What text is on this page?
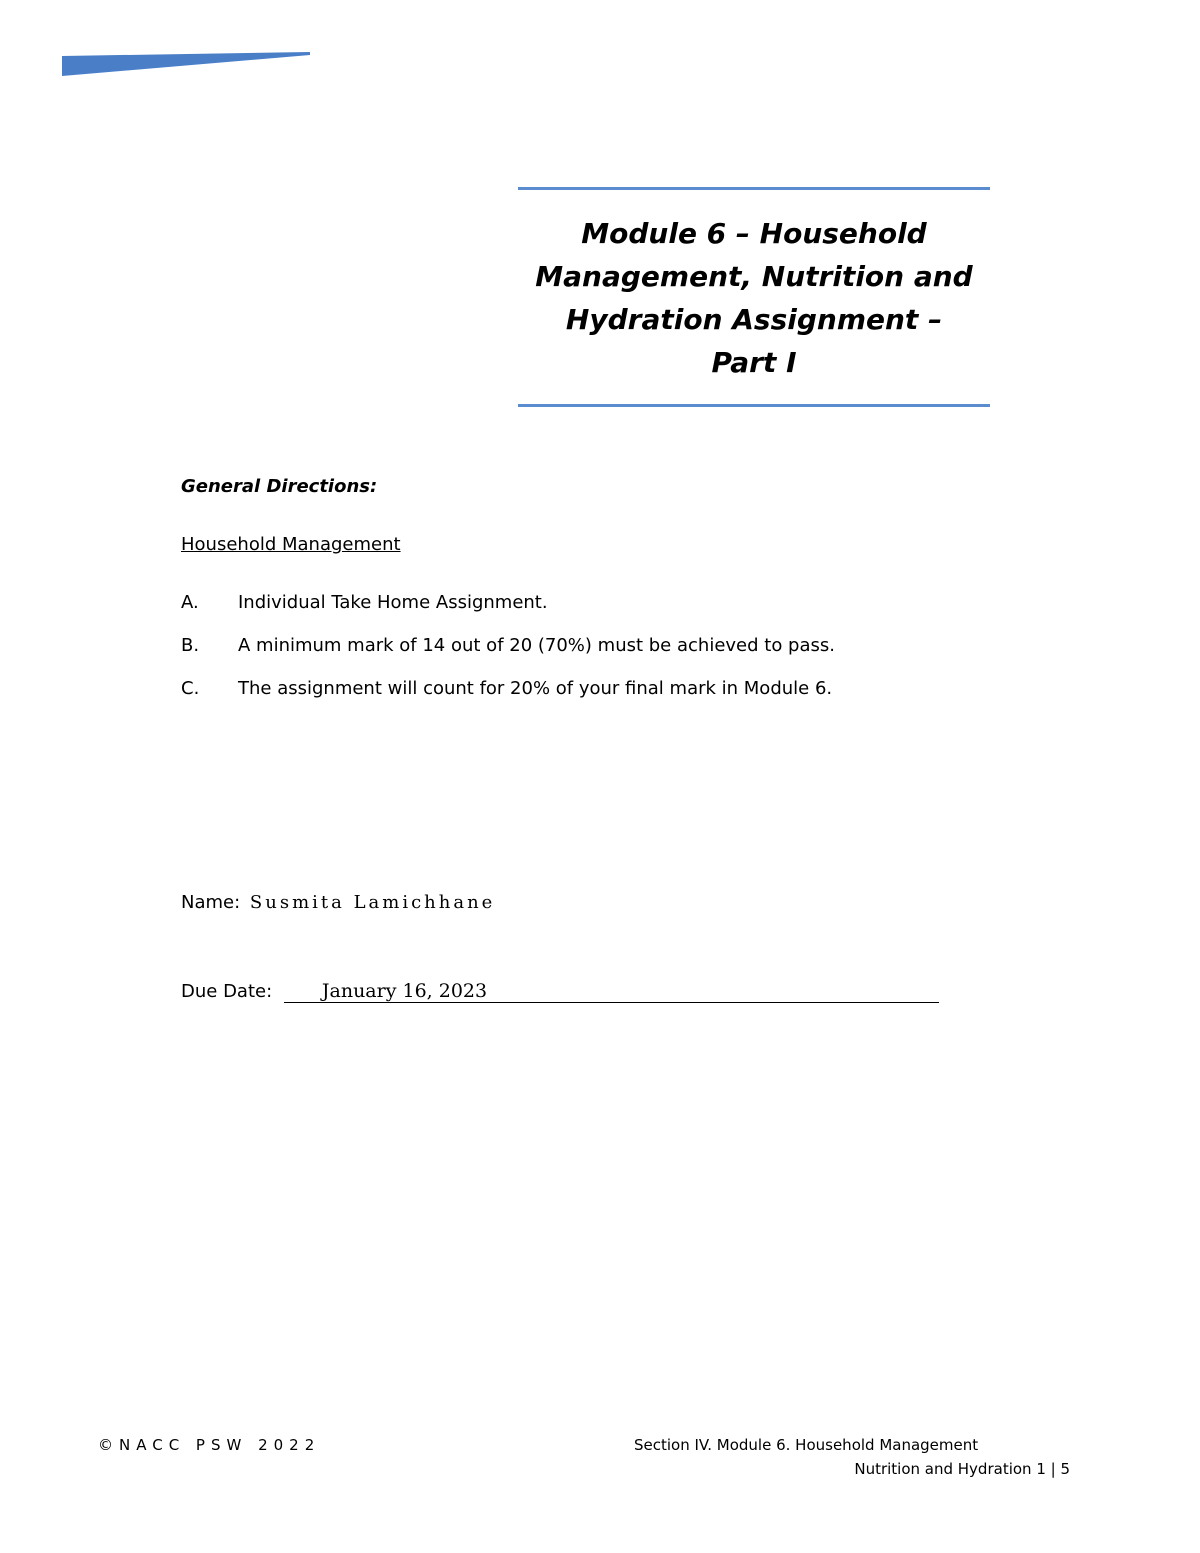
Module 6 – Household Management, Nutrition and Hydration Assignment – Part I
General Directions:
Household Management
A. Individual Take Home Assignment.
B. A minimum mark of 14 out of 20 (70%) must be achieved to pass.
C. The assignment will count for 20% of your final mark in Module 6.
Name: Susmita Lamichhane
Due Date:	January 16, 2023
©NACC PSW 2022	Section IV. Module 6. Household Management
Nutrition and Hydration 1 | 5
